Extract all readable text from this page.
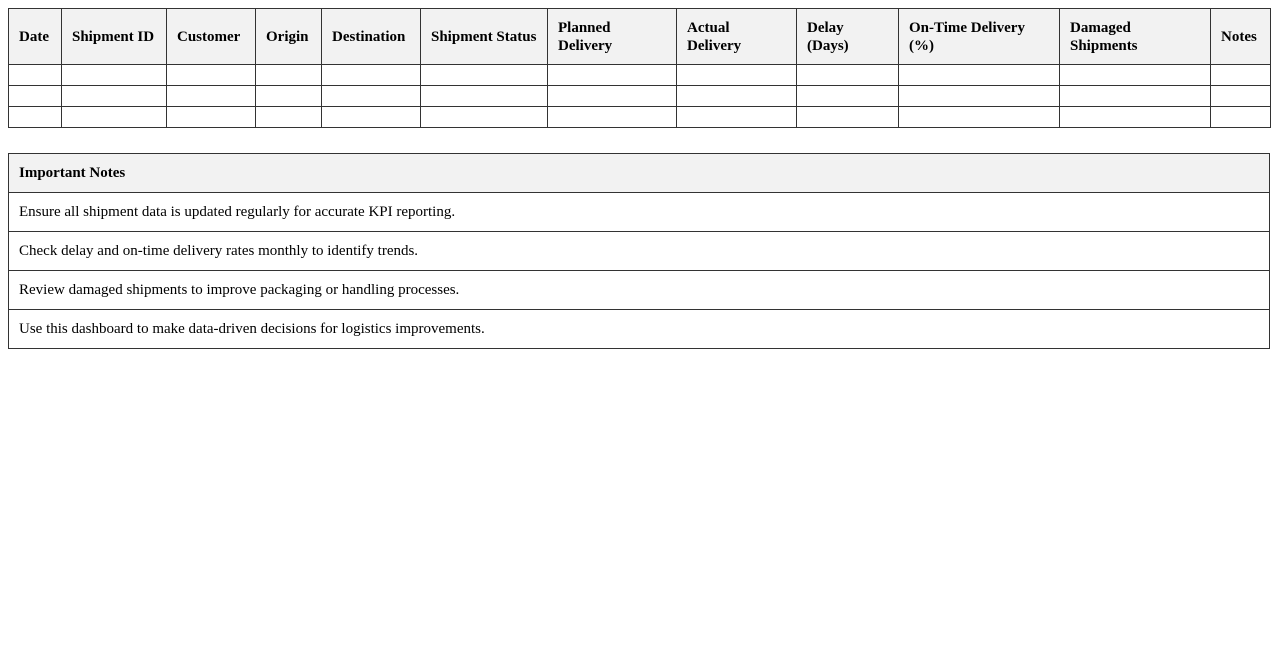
Date	Shipment ID	Customer	Origin	Destination	Shipment Status	Planned Delivery	Actual Delivery	Delay (Days)	On-Time Delivery (%)	Damaged Shipments	Notes

Important Notes
Ensure all shipment data is updated regularly for accurate KPI reporting.
Check delay and on-time delivery rates monthly to identify trends.
Review damaged shipments to improve packaging or handling processes.
Use this dashboard to make data-driven decisions for logistics improvements.
